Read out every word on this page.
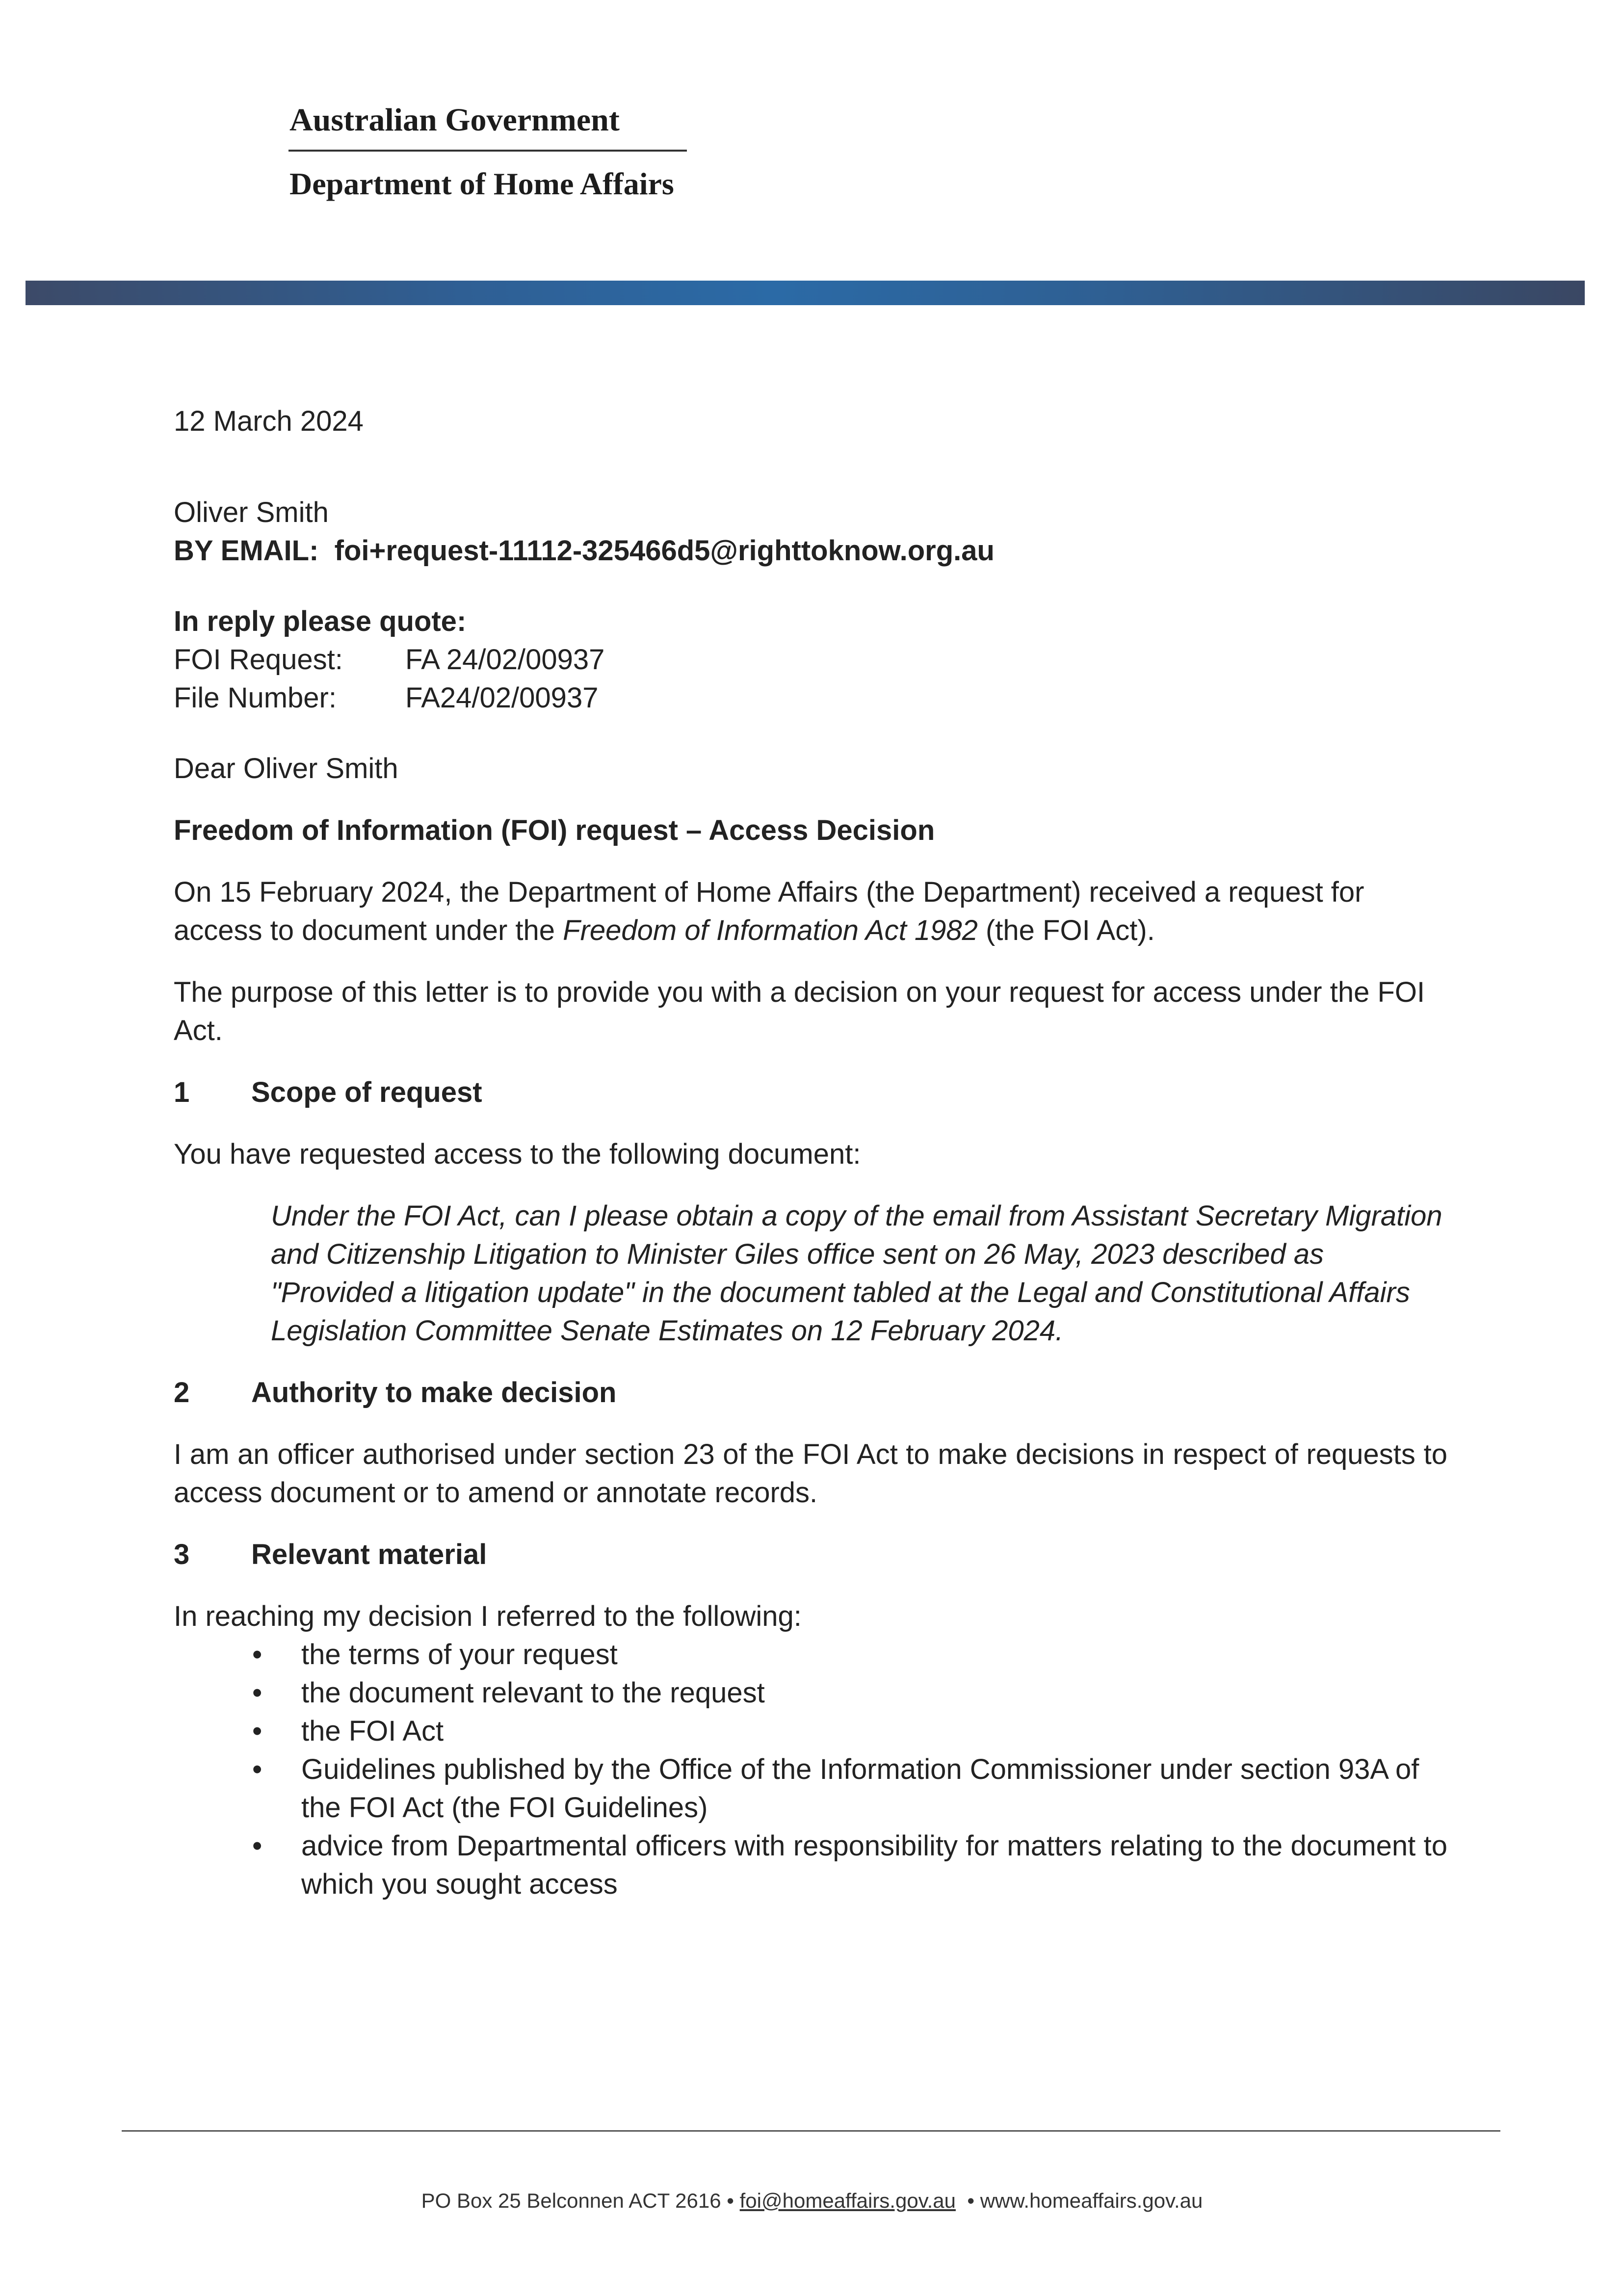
Australian Government
Department of Home Affairs

12 March 2024

Oliver Smith

BY EMAIL: foi+request-11112-325466d5@righttoknow.org.au

In reply please quote:

FOI Request:	FA 24/02/00937
File Number:	FA24/02/00937

Dear Oliver Smith

Freedom of Information (FOI) request – Access Decision

On 15 February 2024, the Department of Home Affairs (the Department) received a request for access to document under the Freedom of Information Act 1982 (the FOI Act).

The purpose of this letter is to provide you with a decision on your request for access under the FOI Act.

1	Scope of request

You have requested access to the following document:

Under the FOI Act, can I please obtain a copy of the email from Assistant Secretary Migration and Citizenship Litigation to Minister Giles office sent on 26 May, 2023 described as "Provided a litigation update" in the document tabled at the Legal and Constitutional Affairs Legislation Committee Senate Estimates on 12 February 2024.

2	Authority to make decision

I am an officer authorised under section 23 of the FOI Act to make decisions in respect of requests to access document or to amend or annotate records.

3	Relevant material

In reaching my decision I referred to the following:

• the terms of your request
• the document relevant to the request
• the FOI Act
• Guidelines published by the Office of the Information Commissioner under section 93A of the FOI Act (the FOI Guidelines)
• advice from Departmental officers with responsibility for matters relating to the document to which you sought access
PO Box 25 Belconnen ACT 2616 • foi@homeaffairs.gov.au • www.homeaffairs.gov.au
